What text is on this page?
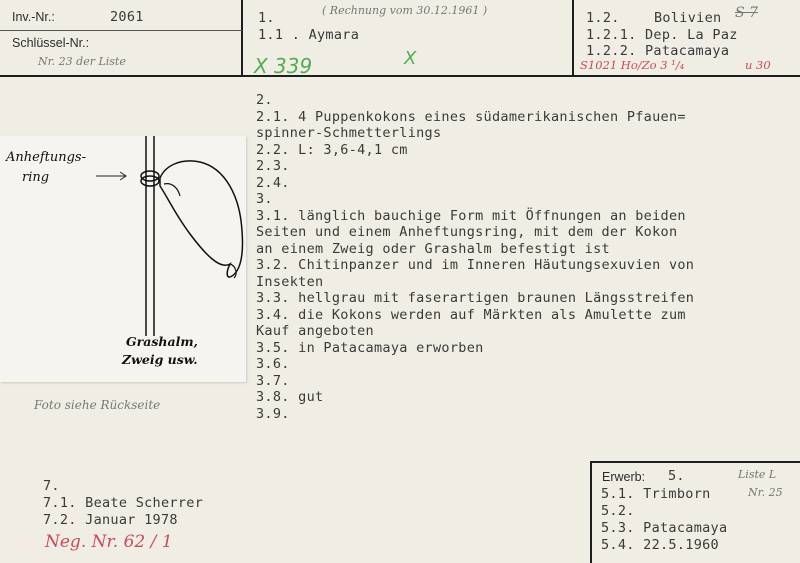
Inv.-Nr.:	2061
Schlüssel-Nr.:
Nr. 23 der Liste
1.
1.1 . Aymara
( Rechnung vom 30.12.1961 )
X 339	X
1.2.	Bolivien S 7
1.2.1. Dep. La Paz
1.2.2. Patacamaya
S1021 Ho/Zo 3 ¹/₄	u 30
Anheftungs-
ring
Grashalm,
Zweig usw.
Foto siehe Rückseite
2.
2.1. 4 Puppenkokons eines südamerikanischen Pfauen=
spinner-Schmetterlings
2.2. L: 3,6-4,1 cm
2.3.
2.4.
3.
3.1. länglich bauchige Form mit Öffnungen an beiden
Seiten und einem Anheftungsring, mit dem der Kokon
an einem Zweig oder Grashalm befestigt ist
3.2. Chitinpanzer und im Inneren Häutungsexuvien von
Insekten
3.3. hellgrau mit faserartigen braunen Längsstreifen
3.4. die Kokons werden auf Märkten als Amulette zum
Kauf angeboten
3.5. in Patacamaya erworben
3.6.
3.7.
3.8. gut
3.9.
7.
7.1. Beate Scherrer
7.2. Januar 1978
Neg. Nr. 62 / 1
Erwerb: 5.
5.1. Trimborn
5.2.
5.3. Patacamaya
5.4. 22.5.1960
Liste L
Nr. 25
